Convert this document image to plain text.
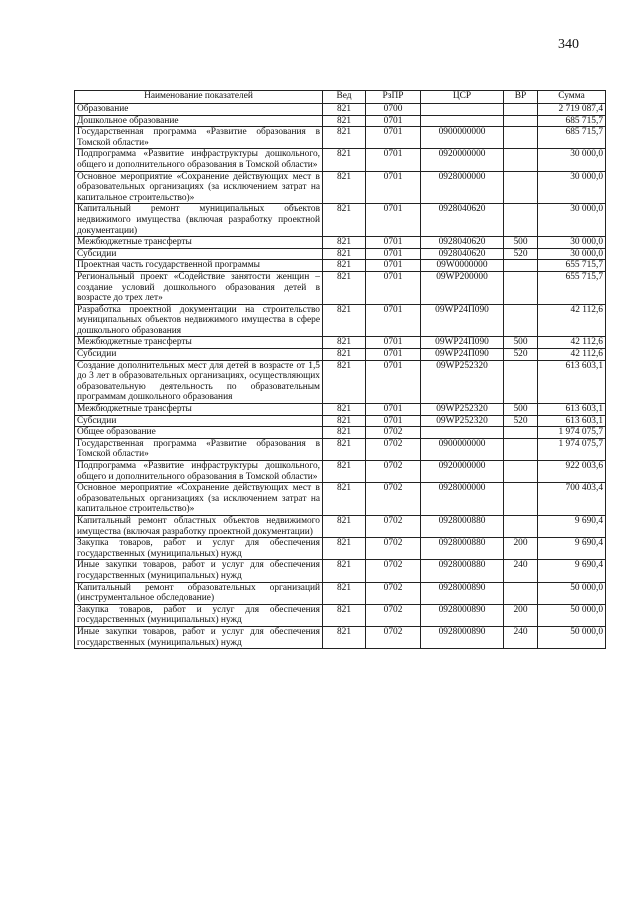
340
Наименование показателей	Вед	РзПР	ЦСР	ВР	Сумма
Образование	821	0700			2 719 087,4
Дошкольное образование	821	0701			685 715,7
Государственная программа «Развитие образования в Томской области»	821	0701	0900000000		685 715,7
Подпрограмма «Развитие инфраструктуры дошкольного, общего и дополнительного образования в Томской области»	821	0701	0920000000		30 000,0
Основное мероприятие «Сохранение действующих мест в образовательных организациях (за исключением затрат на капитальное строительство)»	821	0701	0928000000		30 000,0
Капитальный ремонт муниципальных объектов недвижимого имущества (включая разработку проектной документации)	821	0701	0928040620		30 000,0
Межбюджетные трансферты	821	0701	0928040620	500	30 000,0
Субсидии	821	0701	0928040620	520	30 000,0
Проектная часть государственной программы	821	0701	09W0000000		655 715,7
Региональный проект «Содействие занятости женщин – создание условий дошкольного образования детей в возрасте до трех лет»	821	0701	09WP200000		655 715,7
Разработка проектной документации на строительство муниципальных объектов недвижимого имущества в сфере дошкольного образования	821	0701	09WP24П090		42 112,6
Межбюджетные трансферты	821	0701	09WP24П090	500	42 112,6
Субсидии	821	0701	09WP24П090	520	42 112,6
Создание дополнительных мест для детей в возрасте от 1,5 до 3 лет в образовательных организациях, осуществляющих образовательную деятельность по образовательным программам дошкольного образования	821	0701	09WP252320		613 603,1
Межбюджетные трансферты	821	0701	09WP252320	500	613 603,1
Субсидии	821	0701	09WP252320	520	613 603,1
Общее образование	821	0702			1 974 075,7
Государственная программа «Развитие образования в Томской области»	821	0702	0900000000		1 974 075,7
Подпрограмма «Развитие инфраструктуры дошкольного, общего и дополнительного образования в Томской области»	821	0702	0920000000		922 003,6
Основное мероприятие «Сохранение действующих мест в образовательных организациях (за исключением затрат на капитальное строительство)»	821	0702	0928000000		700 403,4
Капитальный ремонт областных объектов недвижимого имущества (включая разработку проектной документации)	821	0702	0928000880		9 690,4
Закупка товаров, работ и услуг для обеспечения государственных (муниципальных) нужд	821	0702	0928000880	200	9 690,4
Иные закупки товаров, работ и услуг для обеспечения государственных (муниципальных) нужд	821	0702	0928000880	240	9 690,4
Капитальный ремонт образовательных организаций (инструментальное обследование)	821	0702	0928000890		50 000,0
Закупка товаров, работ и услуг для обеспечения государственных (муниципальных) нужд	821	0702	0928000890	200	50 000,0
Иные закупки товаров, работ и услуг для обеспечения государственных (муниципальных) нужд	821	0702	0928000890	240	50 000,0
